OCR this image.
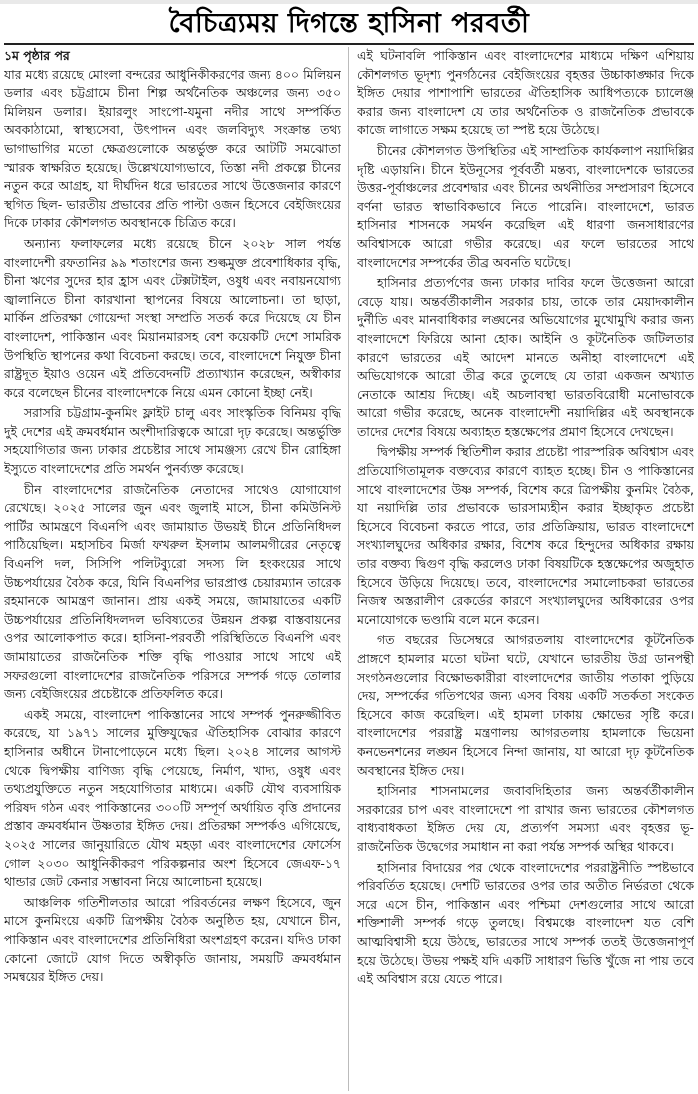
বৈচিত্র্যময় দিগন্তে হাসিনা পরবর্তী
১ম পৃষ্ঠার পর

যার মধ্যে রয়েছে মোংলা বন্দরের আধুনিকীকরণের জন্য ৪০০ মিলিয়ন ডলার এবং চট্টগ্রামে চীনা শিল্প অর্থনৈতিক অঞ্চলের জন্য ৩৫০ মিলিয়ন ডলার। ইয়ারলুং সাংপো-যমুনা নদীর সাথে সম্পর্কিত অবকাঠামো, স্বাস্থ্যসেবা, উৎপাদন এবং জলবিদ্যুৎ সংক্রান্ত তথ্য ভাগাভাগির মতো ক্ষেত্রগুলোকে অন্তর্ভুক্ত করে আটটি সমঝোতা স্মারক স্বাক্ষরিত হয়েছে। উল্লেখযোগ্যভাবে, তিস্তা নদী প্রকল্পে চীনের নতুন করে আগ্রহ, যা দীর্ঘদিন ধরে ভারতের সাথে উত্তেজনার কারণে স্থগিত ছিল- ভারতীয় প্রভাবের প্রতি পাল্টা ওজন হিসেবে বেইজিংয়ের দিকে ঢাকার কৌশলগত অবস্থানকে চিত্রিত করে।

অন্যান্য ফলাফলের মধ্যে রয়েছে চীনে ২০২৮ সাল পর্যন্ত বাংলাদেশী রফতানির ৯৯ শতাংশের জন্য শুল্কমুক্ত প্রবেশাধিকার বৃদ্ধি, চীনা ঋণের সুদের হার হ্রাস এবং টেক্সটাইল, ওষুধ এবং নবায়নযোগ্য জ্বালানিতে চীনা কারখানা স্থাপনের বিষয়ে আলোচনা। তা ছাড়া, মার্কিন প্রতিরক্ষা গোয়েন্দা সংস্থা সম্প্রতি সতর্ক করে দিয়েছে যে চীন বাংলাদেশ, পাকিস্তান এবং মিয়ানমারসহ বেশ কয়েকটি দেশে সামরিক উপস্থিতি স্থাপনের কথা বিবেচনা করছে। তবে, বাংলাদেশে নিযুক্ত চীনা রাষ্ট্রদূত ইয়াও ওয়েন এই প্রতিবেদনটি প্রত্যাখ্যান করেছেন, অস্বীকার করে বলেছেন চীনের বাংলাদেশকে নিয়ে এমন কোনো ইচ্ছা নেই।

সরাসরি চট্টগ্রাম-কুনমিং ফ্লাইট চালু এবং সাংস্কৃতিক বিনিময় বৃদ্ধি দুই দেশের এই ক্রমবর্ধমান অংশীদারিত্বকে আরো দৃঢ় করেছে। অন্তর্ভুক্তি সহযোগিতার জন্য ঢাকার প্রচেষ্টার সাথে সামঞ্জস্য রেখে চীন রোহিঙ্গা ইস্যুতে বাংলাদেশের প্রতি সমর্থন পুনর্ব্যক্ত করেছে।

চীন বাংলাদেশের রাজনৈতিক নেতাদের সাথেও যোগাযোগ রেখেছে। ২০২৫ সালের জুন এবং জুলাই মাসে, চীনা কমিউনিস্ট পার্টির আমন্ত্রণে বিএনপি এবং জামায়াত উভয়ই চীনে প্রতিনিধিদল পাঠিয়েছিল। মহাসচিব মির্জা ফখরুল ইসলাম আলমগীরের নেতৃত্বে বিএনপি দল, সিসিপি পলিটব্যুরো সদস্য লি হংকংয়ের সাথে উচ্চপর্যায়ের বৈঠক করে, যিনি বিএনপির ভারপ্রাপ্ত চেয়ারম্যান তারেক রহমানকে আমন্ত্রণ জানান। প্রায় একই সময়ে, জামায়াতের একটি উচ্চপর্যায়ের প্রতিনিধিদলদল ভবিষ্যতের উন্নয়ন প্রকল্প বাস্তবায়নের ওপর আলোকপাত করে। হাসিনা-পরবর্তী পরিস্থিতিতে বিএনপি এবং জামায়াতের রাজনৈতিক শক্তি বৃদ্ধি পাওয়ার সাথে সাথে এই সফরগুলো বাংলাদেশের রাজনৈতিক পরিসরে সম্পর্ক গড়ে তোলার জন্য বেইজিংয়ের প্রচেষ্টাকে প্রতিফলিত করে।

একই সময়ে, বাংলাদেশ পাকিস্তানের সাথে সম্পর্ক পুনরুজ্জীবিত করেছে, যা ১৯৭১ সালের মুক্তিযুদ্ধের ঐতিহাসিক বোঝার কারণে হাসিনার অধীনে টানাপোড়েনে মধ্যে ছিল। ২০২৪ সালের আগস্ট থেকে দ্বিপক্ষীয় বাণিজ্য বৃদ্ধি পেয়েছে, নির্মাণ, খাদ্য, ওষুধ এবং তথ্যপ্রযুক্তিতে নতুন সহযোগিতার মাধ্যমে। একটি যৌথ ব্যবসায়িক পরিষদ গঠন এবং পাকিস্তানের ৩০০টি সম্পূর্ণ অর্থায়িত বৃত্তি প্রদানের প্রস্তাব ক্রমবর্ধমান উষ্ণতার ইঙ্গিত দেয়। প্রতিরক্ষা সম্পর্কও এগিয়েছে, ২০২৫ সালের জানুয়ারিতে যৌথ মহড়া এবং বাংলাদেশের ফোর্সেস গোল ২০৩০ আধুনিকীকরণ পরিকল্পনার অংশ হিসেবে জেএফ-১৭ থান্ডার জেট কেনার সম্ভাবনা নিয়ে আলোচনা হয়েছে।

আঞ্চলিক গতিশীলতার আরো পরিবর্তনের লক্ষণ হিসেবে, জুন মাসে কুনমিংয়ে একটি ত্রিপক্ষীয় বৈঠক অনুষ্ঠিত হয়, যেখানে চীন, পাকিস্তান এবং বাংলাদেশের প্রতিনিধিরা অংশগ্রহণ করেন। যদিও ঢাকা কোনো জোটে যোগ দিতে অস্বীকৃতি জানায়, সময়টি ক্রমবর্ধমান সমন্বয়ের ইঙ্গিত দেয়।

এই ঘটনাবলি পাকিস্তান এবং বাংলাদেশের মাধ্যমে দক্ষিণ এশিয়ায় কৌশলগত ভূদৃশ্য পুনর্গঠনের বেইজিংয়ের বৃহত্তর উচ্চাকাঙ্ক্ষার দিকে ইঙ্গিত দেয়ার পাশাপাশি ভারতের ঐতিহাসিক আধিপত্যকে চ্যালেঞ্জ করার জন্য বাংলাদেশ যে তার অর্থনৈতিক ও রাজনৈতিক প্রভাবকে কাজে লাগাতে সক্ষম হয়েছে তা স্পষ্ট হয়ে উঠেছে।

চীনের কৌশলগত উপস্থিতির এই সাম্প্রতিক কার্যকলাপ নয়াদিল্লির দৃষ্টি এড়ায়নি। চীনে ইউনূসের পূর্ববর্তী মন্তব্য, বাংলাদেশকে ভারতের উত্তর-পূর্বাঞ্চলের প্রবেশদ্বার এবং চীনের অর্থনীতির সম্প্রসারণ হিসেবে বর্ণনা ভারত স্বাভাবিকভাবে নিতে পারেনি। বাংলাদেশে, ভারত হাসিনার শাসনকে সমর্থন করেছিল এই ধারণা জনসাধারণের অবিশ্বাসকে আরো গভীর করেছে। এর ফলে ভারতের সাথে বাংলাদেশের সম্পর্কের তীব্র অবনতি ঘটেছে।

হাসিনার প্রত্যর্পণের জন্য ঢাকার দাবির ফলে উত্তেজনা আরো বেড়ে যায়। অন্তর্বর্তীকালীন সরকার চায়, তাকে তার মেয়াদকালীন দুর্নীতি এবং মানবাধিকার লঙ্ঘনের অভিযোগের মুখোমুখি করার জন্য বাংলাদেশে ফিরিয়ে আনা হোক। আইনি ও কূটনৈতিক জটিলতার কারণে ভারতের এই আদেশ মানতে অনীহা বাংলাদেশে এই অভিযোগকে আরো তীব্র করে তুলেছে যে তারা একজন অখ্যাত নেতাকে আশ্রয় দিচ্ছে। এই অচলাবস্থা ভারতবিরোধী মনোভাবকে আরো গভীর করেছে, অনেক বাংলাদেশী নয়াদিল্লির এই অবস্থানকে তাদের দেশের বিষয়ে অব্যাহত হস্তক্ষেপের প্রমাণ হিসেবে দেখছেন।

দ্বিপক্ষীয় সম্পর্ক স্থিতিশীল করার প্রচেষ্টা পারস্পরিক অবিশ্বাস এবং প্রতিযোগিতামূলক বক্তব্যের কারণে ব্যাহত হচ্ছে। চীন ও পাকিস্তানের সাথে বাংলাদেশের উষ্ণ সম্পর্ক, বিশেষ করে ত্রিপক্ষীয় কুনমিং বৈঠক, যা নয়াদিল্লি তার প্রভাবকে ভারসাম্যহীন করার ইচ্ছাকৃত প্রচেষ্টা হিসেবে বিবেচনা করতে পারে, তার প্রতিক্রিয়ায়, ভারত বাংলাদেশে সংখ্যালঘুদের অধিকার রক্ষার, বিশেষ করে হিন্দুদের অধিকার রক্ষায় তার বক্তব্য দ্বিগুণ বৃদ্ধি করলেও ঢাকা বিষয়টিকে হস্তক্ষেপের অজুহাত হিসেবে উড়িয়ে দিয়েছে। তবে, বাংলাদেশের সমালোচকরা ভারতের নিজস্ব অস্তরালীণ রেকর্ডের কারণে সংখ্যালঘুদের অধিকারের ওপর মনোযোগকে ভণ্ডামি বলে মনে করেন।

গত বছরের ডিসেম্বরে আগরতলায় বাংলাদেশের কূটনৈতিক প্রাঙ্গণে হামলার মতো ঘটনা ঘটে, যেখানে ভারতীয় উগ্র ডানপন্থী সংগঠনগুলোর বিক্ষোভকারীরা বাংলাদেশের জাতীয় পতাকা পুড়িয়ে দেয়, সম্পর্কের গতিপথের জন্য এসব বিষয় একটি সতর্কতা সংকেত হিসেবে কাজ করেছিল। এই হামলা ঢাকায় ক্ষোভের সৃষ্টি করে। বাংলাদেশের পররাষ্ট্র মন্ত্রণালয় আগরতলায় হামলাকে ভিয়েনা কনভেনশনের লঙ্ঘন হিসেবে নিন্দা জানায়, যা আরো দৃঢ় কূটনৈতিক অবস্থানের ইঙ্গিত দেয়।

হাসিনার শাসনামলের জবাবদিহিতার জন্য অন্তর্বর্তীকালীন সরকারের চাপ এবং বাংলাদেশে পা রাখার জন্য ভারতের কৌশলগত বাধ্যবাধকতা ইঙ্গিত দেয় যে, প্রত্যর্পণ সমস্যা এবং বৃহত্তর ভূ-রাজনৈতিক উদ্বেগের সমাধান না করা পর্যন্ত সম্পর্ক অস্থির থাকবে।

হাসিনার বিদায়ের পর থেকে বাংলাদেশের পররাষ্ট্রনীতি স্পষ্টভাবে পরিবর্তিত হয়েছে। দেশটি ভারতের ওপর তার অতীত নির্ভরতা থেকে সরে এসে চীন, পাকিস্তান এবং পশ্চিমা দেশগুলোর সাথে আরো শক্তিশালী সম্পর্ক গড়ে তুলছে। বিশ্বমঞ্চে বাংলাদেশ যত বেশি আত্মবিশ্বাসী হয়ে উঠছে, ভারতের সাথে সম্পর্ক ততই উত্তেজনাপূর্ণ হয়ে উঠেছে। উভয় পক্ষই যদি একটি সাধারণ ভিত্তি খুঁজে না পায় তবে এই অবিশ্বাস রয়ে যেতে পারে।
